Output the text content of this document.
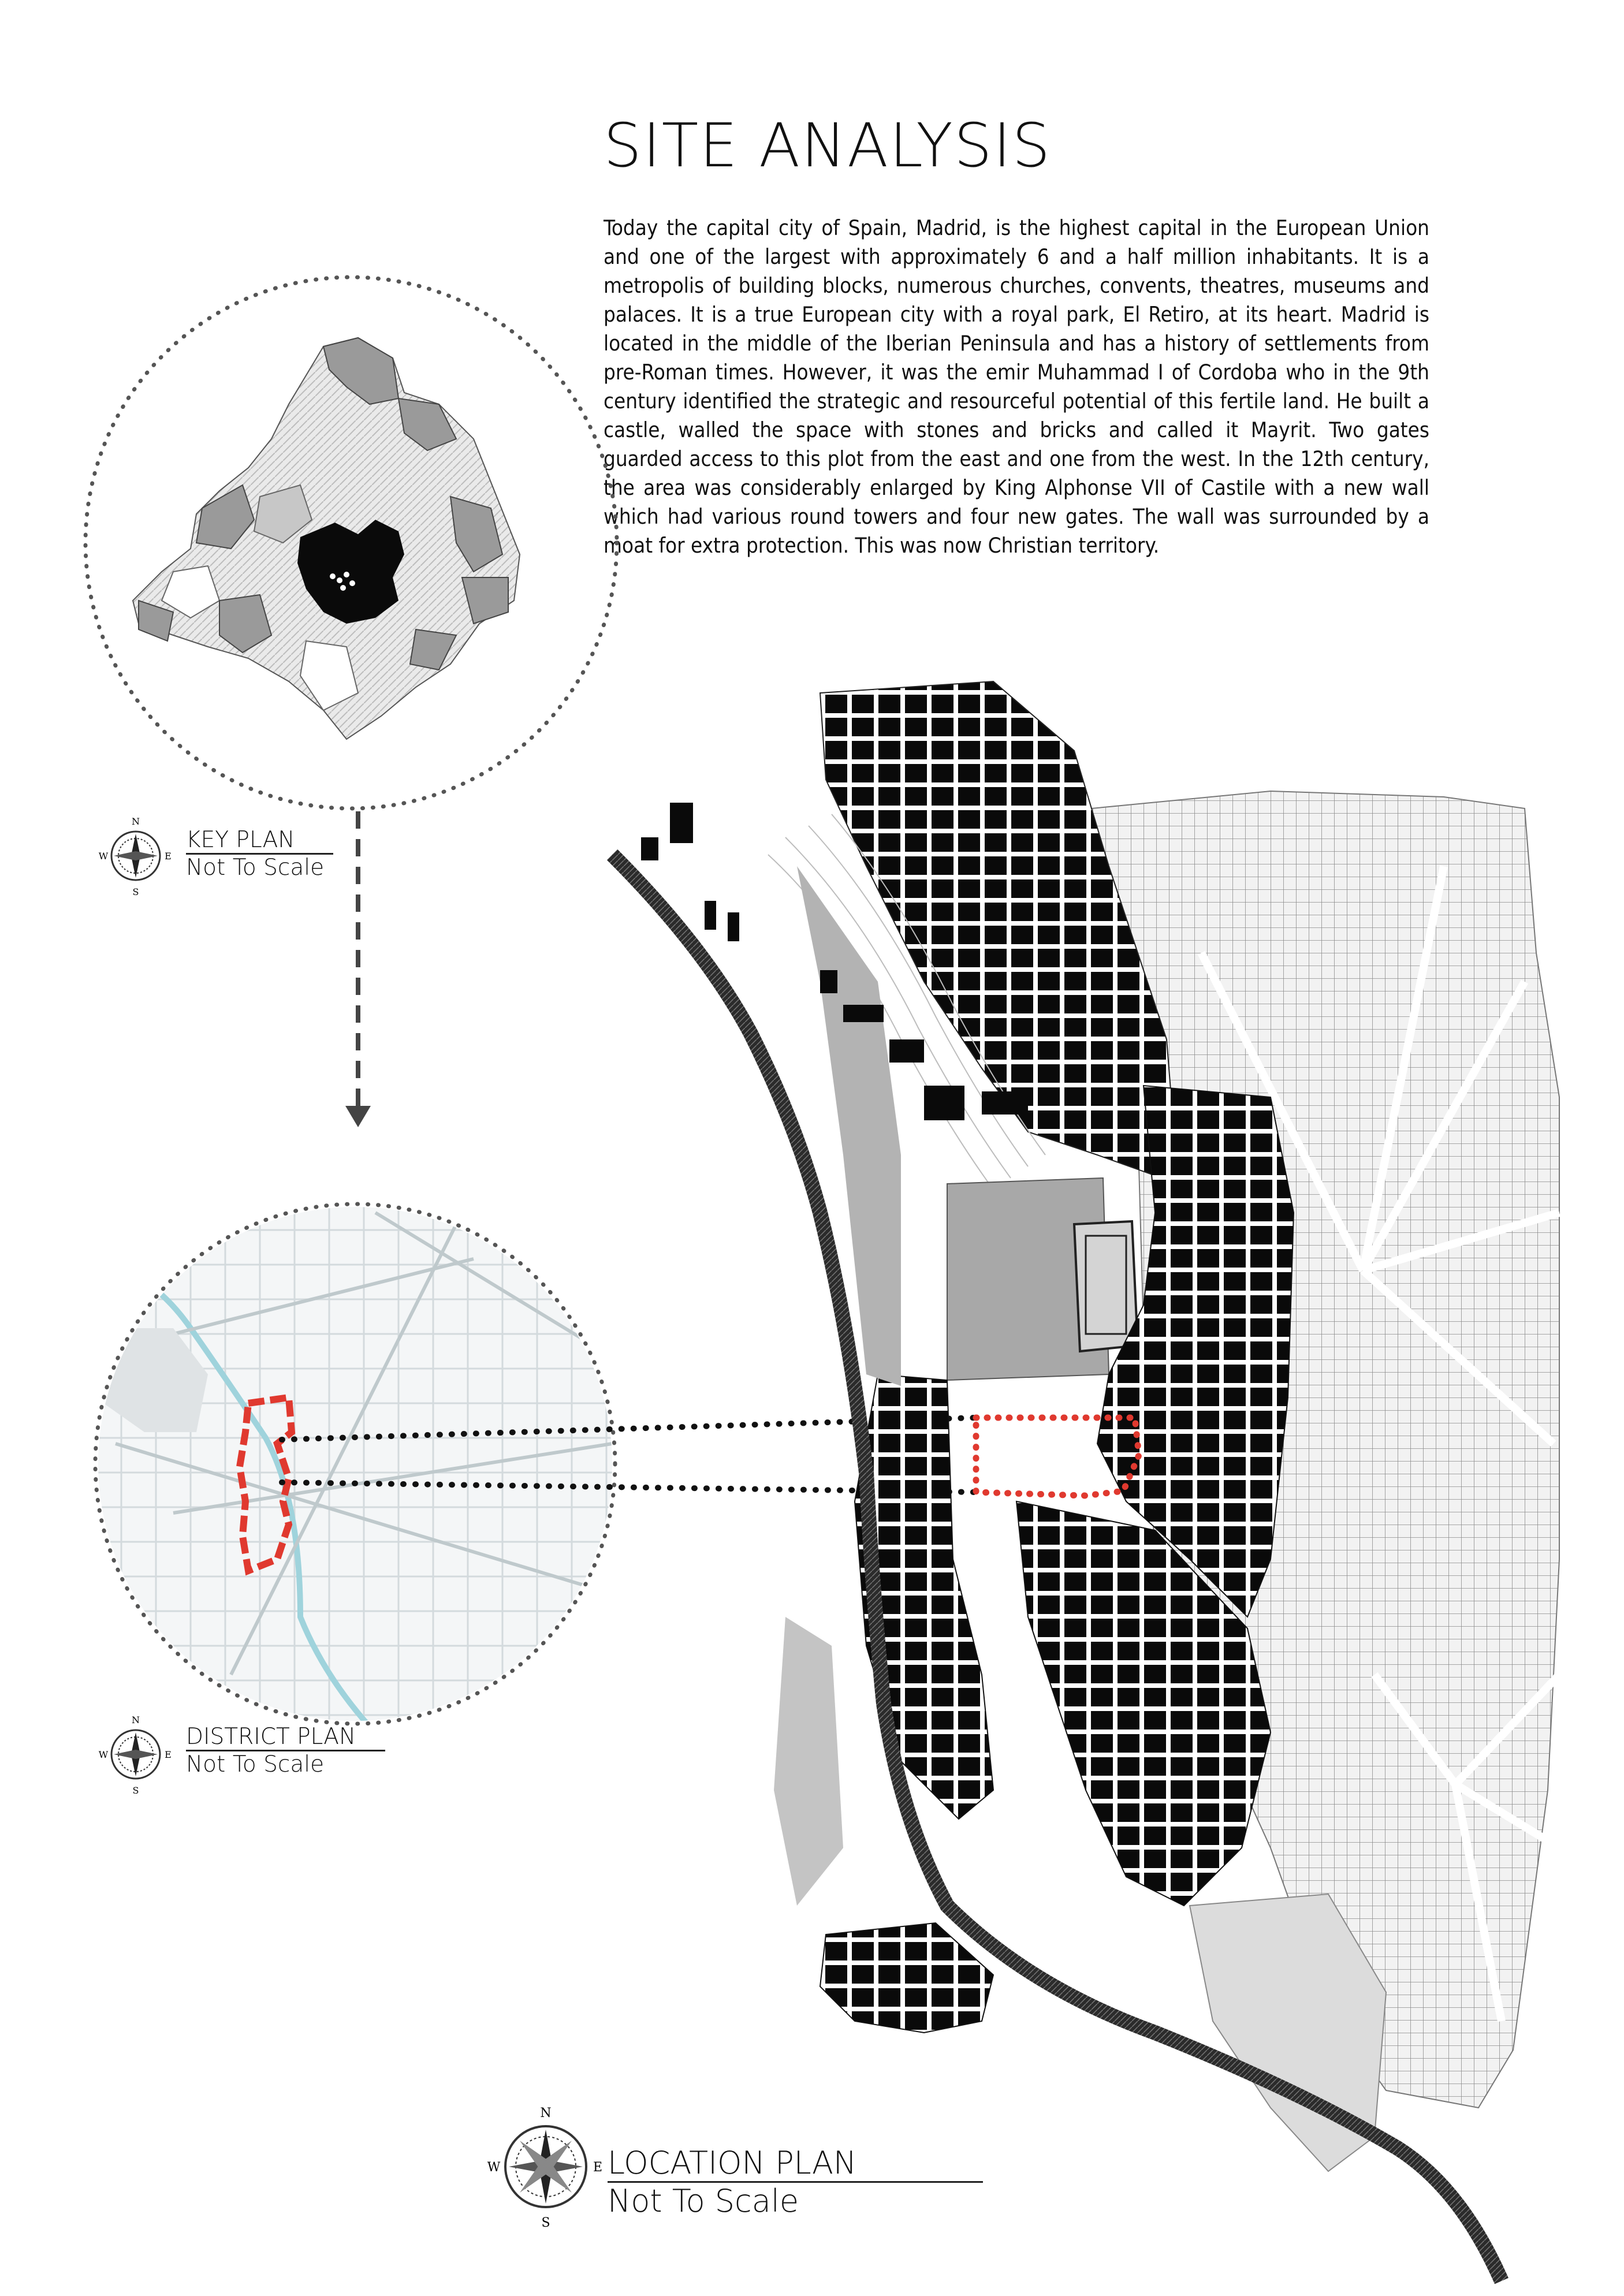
SITE ANALYSIS
Today the capital city of Spain, Madrid, is the highest capital in the European Union and one of the largest with approximately 6 and a half million inhabitants. It is a metropolis of building blocks, numerous churches, convents, theatres, museums and palaces. It is a true European city with a royal park, El Retiro, at its heart. Madrid is located in the middle of the Iberian Peninsula and has a history of settlements from pre-Roman times. However, it was the emir Muhammad I of Cordoba who in the 9th century identified the strategic and resourceful potential of this fertile land. He built a castle, walled the space with stones and bricks and called it Mayrit. Two gates guarded access to this plot from the east and one from the west. In the 12th century, the area was considerably enlarged by King Alphonse VII of Castile with a new wall which had various round towers and four new gates. The wall was surrounded by a moat for extra protection. This was now Christian territory.
N
S
E
W
N
S
E
W
N
S
E
W
KEY PLAN
Not To Scale
DISTRICT PLAN
Not To Scale
LOCATION PLAN
Not To Scale
